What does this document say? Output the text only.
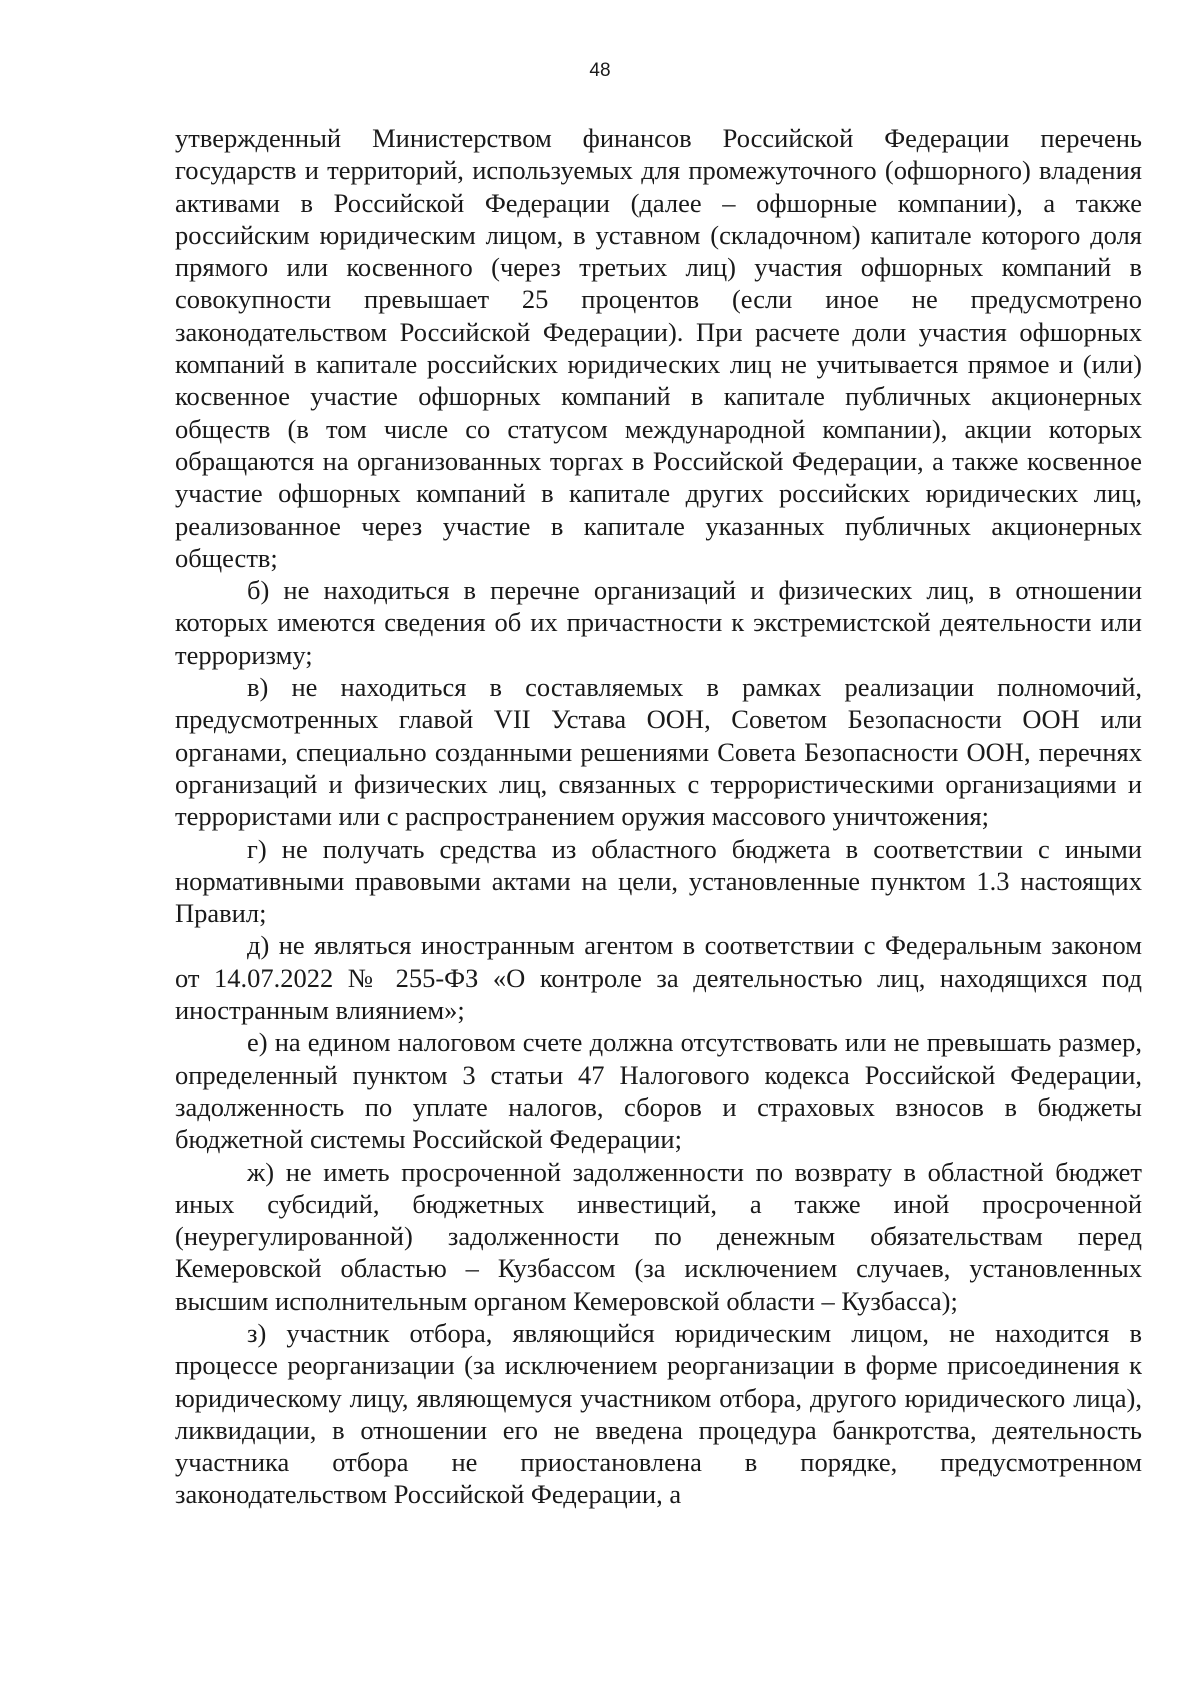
48

утвержденный Министерством финансов Российской Федерации перечень государств и территорий, используемых для промежуточного (офшорного) владения активами в Российской Федерации (далее – офшорные компании), а также российским юридическим лицом, в уставном (складочном) капитале которого доля прямого или косвенного (через третьих лиц) участия офшорных компаний в совокупности превышает 25 процентов (если иное не предусмотрено законодательством Российской Федерации). При расчете доли участия офшорных компаний в капитале российских юридических лиц не учитывается прямое и (или) косвенное участие офшорных компаний в капитале публичных акционерных обществ (в том числе со статусом международной компании), акции которых обращаются на организованных торгах в Российской Федерации, а также косвенное участие офшорных компаний в капитале других российских юридических лиц, реализованное через участие в капитале указанных публичных акционерных обществ;

б) не находиться в перечне организаций и физических лиц, в отношении которых имеются сведения об их причастности к экстремистской деятельности или терроризму;

в) не находиться в составляемых в рамках реализации полномочий, предусмотренных главой VII Устава ООН, Советом Безопасности ООН или органами, специально созданными решениями Совета Безопасности ООН, перечнях организаций и физических лиц, связанных с террористическими организациями и террористами или с распространением оружия массового уничтожения;

г) не получать средства из областного бюджета в соответствии с иными нормативными правовыми актами на цели, установленные пунктом 1.3 настоящих Правил;

д) не являться иностранным агентом в соответствии с Федеральным законом от 14.07.2022 № 255-ФЗ «О контроле за деятельностью лиц, находящихся под иностранным влиянием»;

е) на едином налоговом счете должна отсутствовать или не превышать размер, определенный пунктом 3 статьи 47 Налогового кодекса Российской Федерации, задолженность по уплате налогов, сборов и страховых взносов в бюджеты бюджетной системы Российской Федерации;

ж) не иметь просроченной задолженности по возврату в областной бюджет иных субсидий, бюджетных инвестиций, а также иной просроченной (неурегулированной) задолженности по денежным обязательствам перед Кемеровской областью – Кузбассом (за исключением случаев, установленных высшим исполнительным органом Кемеровской области – Кузбасса);

з) участник отбора, являющийся юридическим лицом, не находится в процессе реорганизации (за исключением реорганизации в форме присоединения к юридическому лицу, являющемуся участником отбора, другого юридического лица), ликвидации, в отношении его не введена процедура банкротства, деятельность участника отбора не приостановлена в порядке, предусмотренном законодательством Российской Федерации, а
